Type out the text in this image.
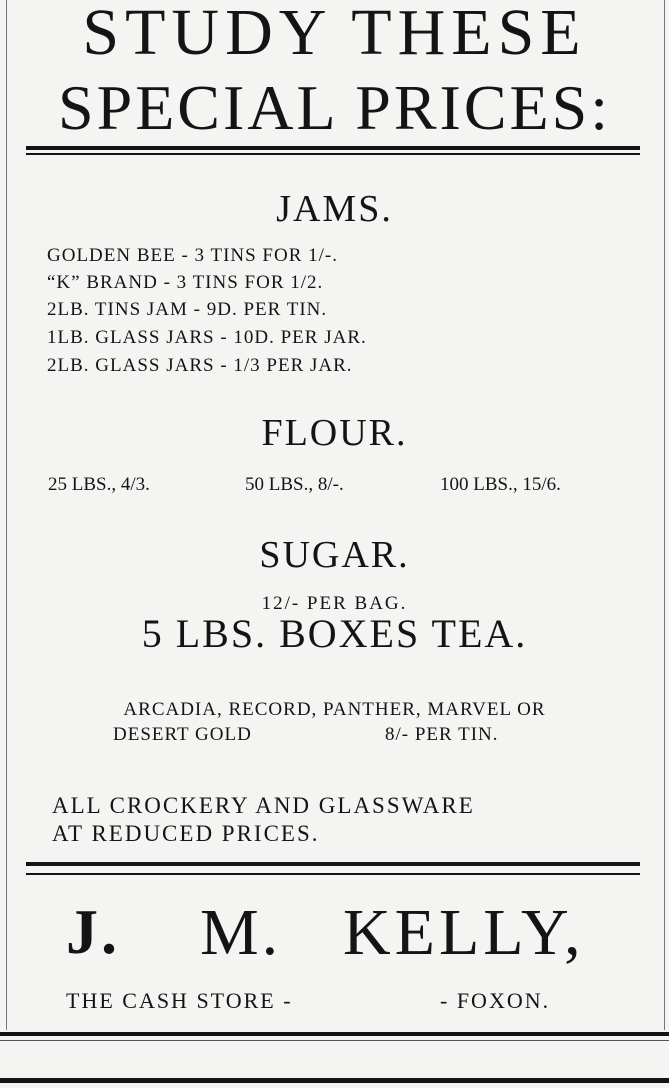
STUDY THESE
SPECIAL PRICES:
JAMS.
GOLDEN BEE - 3 TINS FOR 1/-.
“K” BRAND - 3 TINS FOR 1/2.
2LB. TINS JAM - 9D. PER TIN.
1LB. GLASS JARS - 10D. PER JAR.
2LB. GLASS JARS - 1/3 PER JAR.
FLOUR.
25 LBS., 4/3.	50 LBS., 8/-.	100 LBS., 15/6.
SUGAR.
12/- PER BAG.
5 LBS. BOXES TEA.
ARCADIA, RECORD, PANTHER, MARVEL OR
DESERT GOLD	8/- PER TIN.
ALL CROCKERY AND GLASSWARE
AT REDUCED PRICES.
J. M. KELLY,
THE CASH STORE -	- FOXON.
